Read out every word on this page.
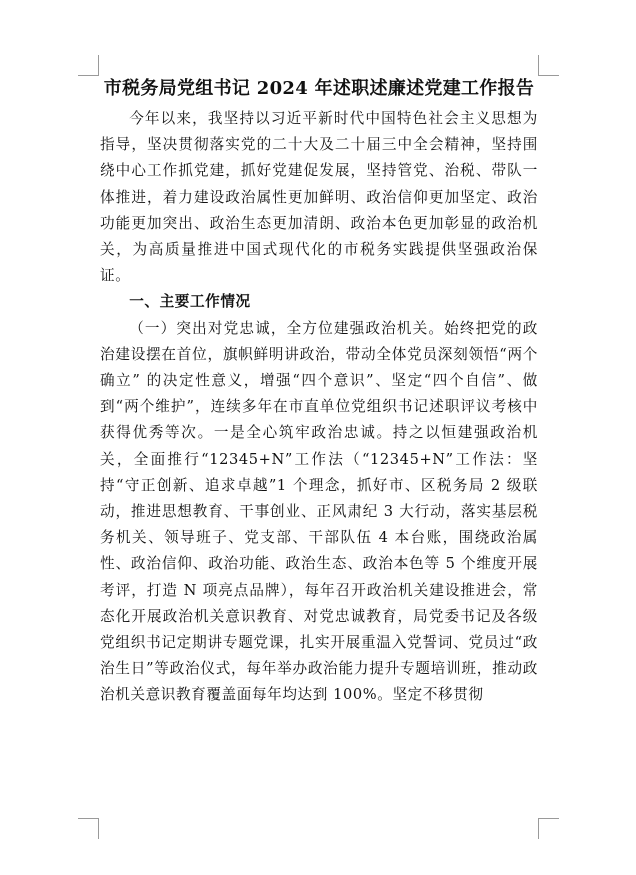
市税务局党组书记 2024 年述职述廉述党建工作报告

今年以来，我坚持以习近平新时代中国特色社会主义思想为指导，坚决贯彻落实党的二十大及二十届三中全会精神，坚持围绕中心工作抓党建，抓好党建促发展，坚持管党、治税、带队一体推进，着力建设政治属性更加鲜明、政治信仰更加坚定、政治功能更加突出、政治生态更加清朗、政治本色更加彰显的政治机关，为高质量推进中国式现代化的市税务实践提供坚强政治保证。

一、主要工作情况

（一）突出对党忠诚，全方位建强政治机关。始终把党的政治建设摆在首位，旗帜鲜明讲政治，带动全体党员深刻领悟“两个确立” 的决定性意义，增强“四个意识”、坚定“四个自信”、做到“两个维护”，连续多年在市直单位党组织书记述职评议考核中获得优秀等次。一是全心筑牢政治忠诚。持之以恒建强政治机关，全面推行“12345+N”工作法（“12345+N”工作法：坚持“守正创新、追求卓越”1 个理念，抓好市、区税务局 2 级联动，推进思想教育、干事创业、正风肃纪 3 大行动，落实基层税务机关、领导班子、党支部、干部队伍 4 本台账，围绕政治属性、政治信仰、政治功能、政治生态、政治本色等 5 个维度开展考评，打造 N 项亮点品牌），每年召开政治机关建设推进会，常态化开展政治机关意识教育、对党忠诚教育，局党委书记及各级党组织书记定期讲专题党课，扎实开展重温入党誓词、党员过“政治生日”等政治仪式，每年举办政治能力提升专题培训班，推动政治机关意识教育覆盖面每年均达到 100%。坚定不移贯彻
